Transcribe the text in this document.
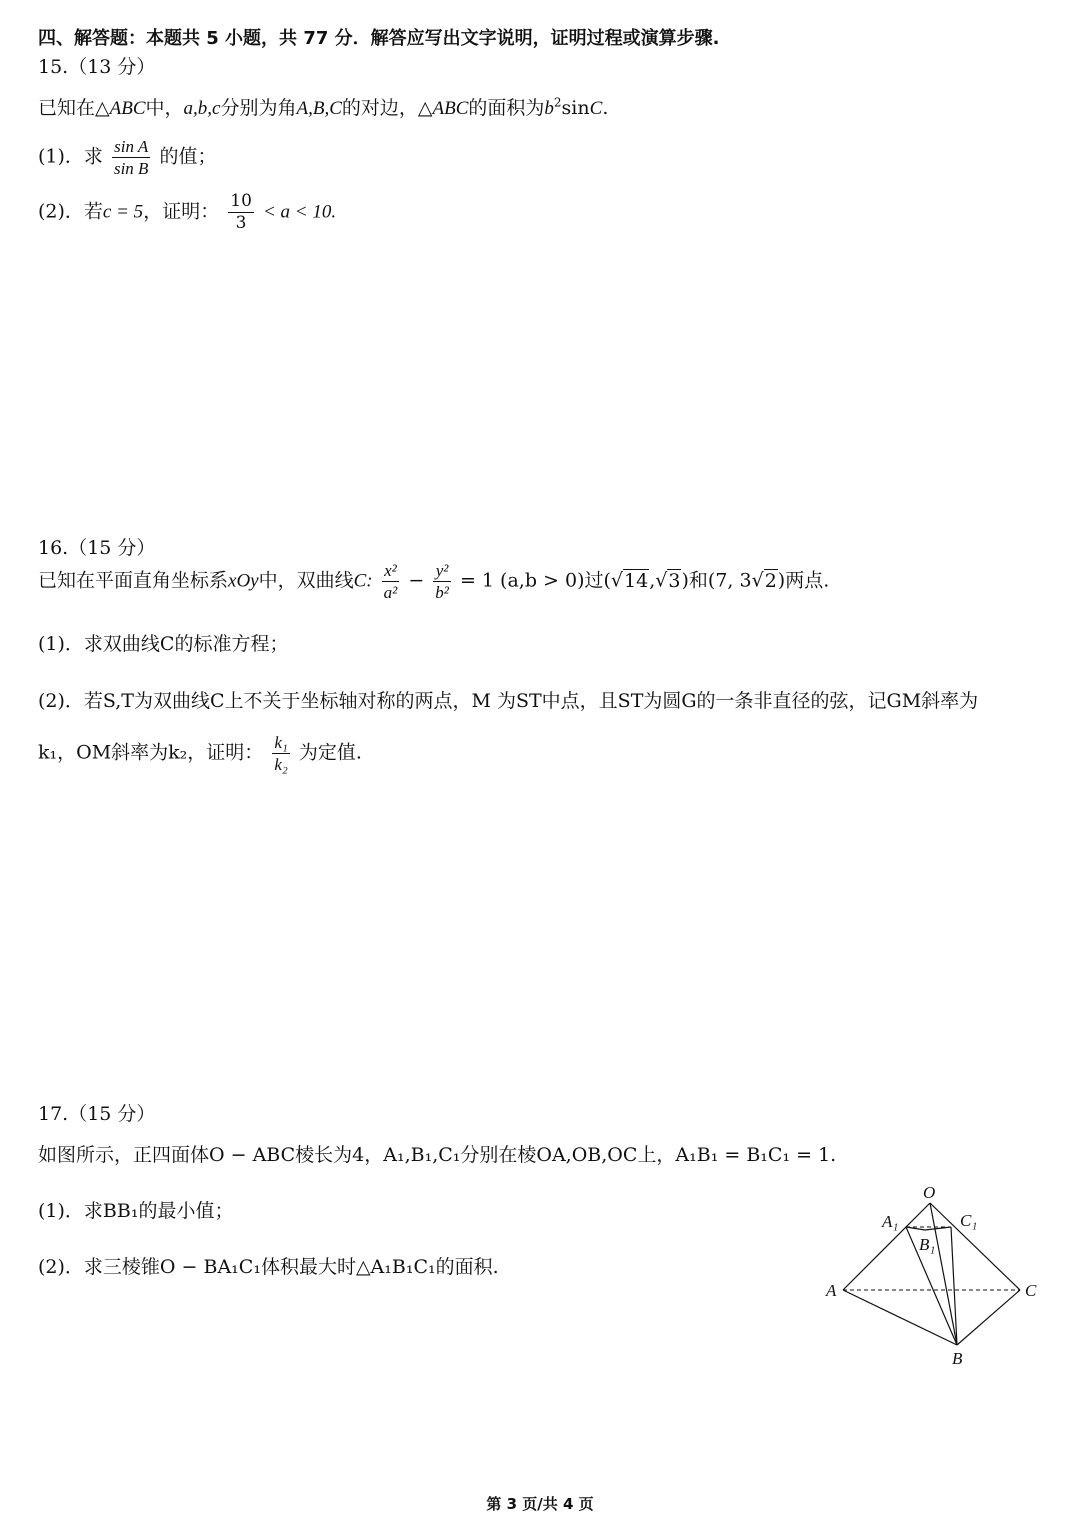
四、解答题：本题共 5 小题，共 77 分．解答应写出文字说明，证明过程或演算步骤.
15.（13 分）
已知在△ABC中，a,b,c分别为角A,B,C的对边，△ABC的面积为$b^2\sin C$.
(1)．求 $\frac{\text{sin A}}{\text{sin B}}$ 的值；
(2)．若c = 5，证明： $\frac{10}{3} < a < 10$.
16.（15 分）
已知在平面直角坐标系xOy中，双曲线C: $\frac{\text{x²}}{\text{a²}} - \frac{\text{y²}}{\text{b²}} = 1$ (a,b > 0)过(√14,√3)和(7, 3√2)两点.
(1)．求双曲线C的标准方程；
(2)．若S,T为双曲线C上不关于坐标轴对称的两点，M 为ST中点，且ST为圆G的一条非直径的弦，记GM斜率为
k₁，OM斜率为k₂，证明： $\frac{\text{k₁}}{\text{k₂}}$ 为定值.
17.（15 分）
如图所示，正四面体O − ABC棱长为4，A₁,B₁,C₁分别在棱OA,OB,OC上，A₁B₁ = B₁C₁ = 1.
(1)．求BB₁的最小值；
(2)．求三棱锥O − BA₁C₁体积最大时△A₁B₁C₁的面积.
O
A₁	C₁
B₁
A	C
B
第 3 页/共 4 页
